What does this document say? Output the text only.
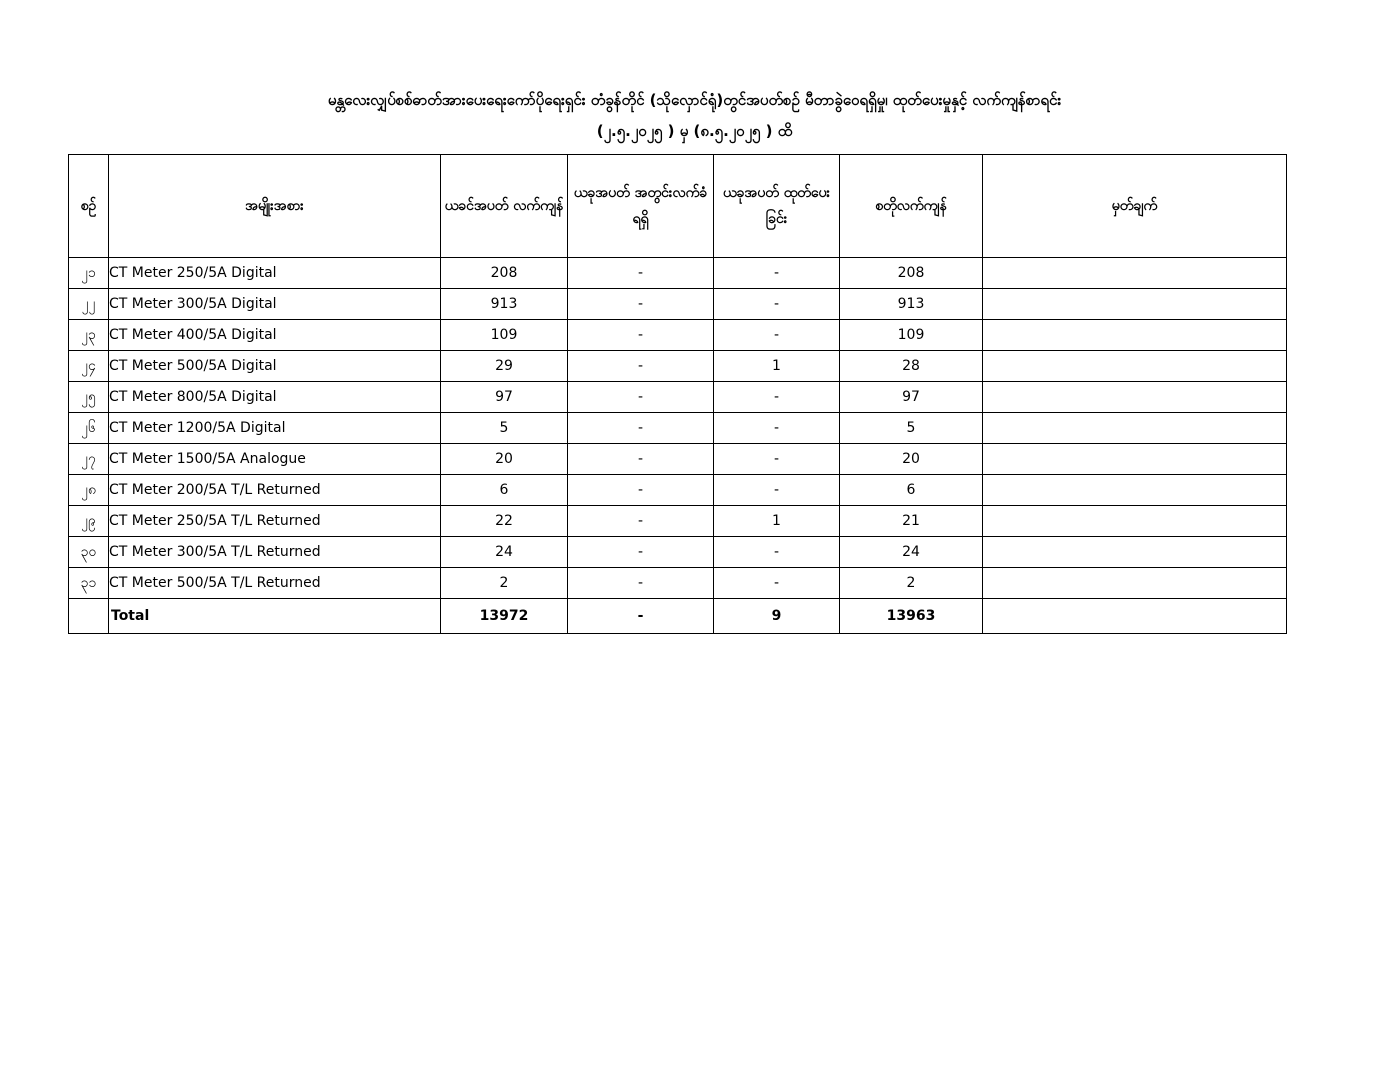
မန္တလေးလျှပ်စစ်ဓာတ်အားပေးရေးကော်ပိုရေးရှင်း တံခွန်တိုင် (သိုလှောင်ရုံ)တွင်အပတ်စဉ် မီတာခွဲဝေရရှိမှု၊ ထုတ်ပေးမှုနှင့် လက်ကျန်စာရင်း
(၂.၅.၂၀၂၅ ) မှ (၈.၅.၂၀၂၅ ) ထိ
စဉ်	အမျိုးအစား	ယခင်အပတ် လက်ကျန်	ယခုအပတ် အတွင်းလက်ခံ ရရှိ	ယခုအပတ် ထုတ်ပေးခြင်း	စတိုလက်ကျန်	မှတ်ချက်
၂၁	CT Meter 250/5A Digital	208	-	-	208	
၂၂	CT Meter 300/5A Digital	913	-	-	913	
၂၃	CT Meter 400/5A Digital	109	-	-	109	
၂၄	CT Meter 500/5A Digital	29	-	1	28	
၂၅	CT Meter 800/5A Digital	97	-	-	97	
၂၆	CT Meter 1200/5A Digital	5	-	-	5	
၂၇	CT Meter 1500/5A Analogue	20	-	-	20	
၂၈	CT Meter 200/5A T/L Returned	6	-	-	6	
၂၉	CT Meter 250/5A T/L Returned	22	-	1	21	
၃၀	CT Meter 300/5A T/L Returned	24	-	-	24	
၃၁	CT Meter 500/5A T/L Returned	2	-	-	2	
	Total	13972	-	9	13963	
